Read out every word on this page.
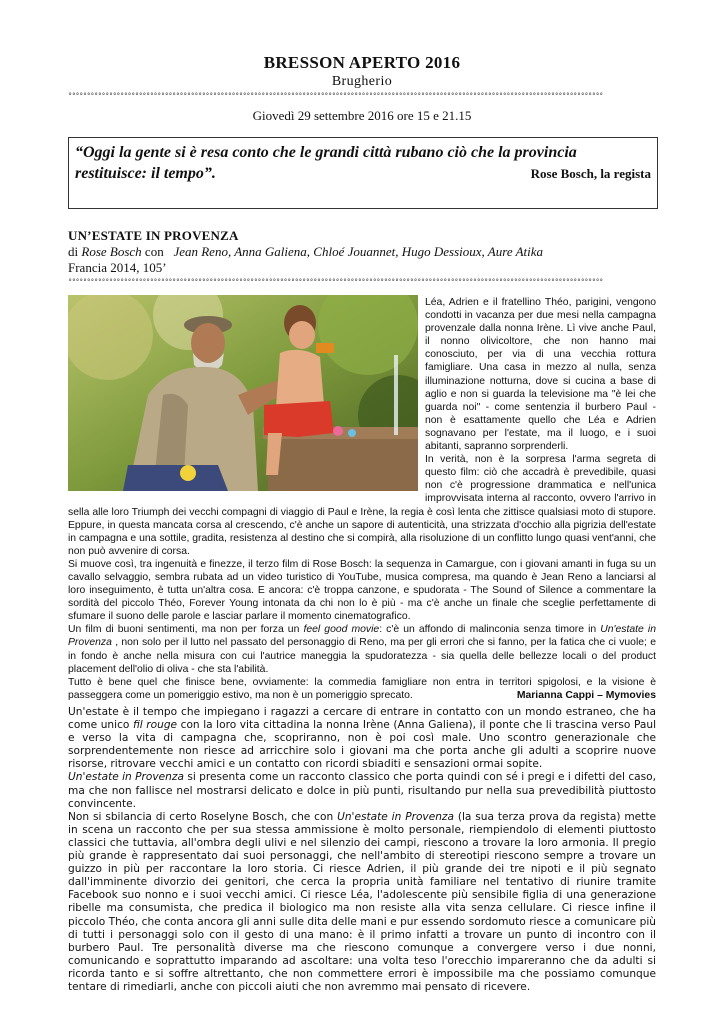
BRESSON APERTO 2016
Brugherio
°°°°°°°°°°°°°°°°°°°°°°°°°°°°°°°°°°°°°°°°°°°°°°°°°°°°°°°°°°°°°°°°°°°°°°°°°°°°°°°°°°°°°°°°°°°°°°°°°°°°°°°°°°°°°°°°°°°°°°°°°°°°°°°°°°°°°°°°°°°°°°°°
Giovedì 29 settembre 2016 ore 15 e 21.15
“Oggi la gente si è resa conto che le grandi città rubano ciò che la provincia restituisce: il tempo”.	Rose Bosch, la regista
UN’ESTATE IN PROVENZA
di Rose Bosch con   Jean Reno, Anna Galiena, Chloé Jouannet, Hugo Dessioux, Aure Atika
Francia 2014, 105’
°°°°°°°°°°°°°°°°°°°°°°°°°°°°°°°°°°°°°°°°°°°°°°°°°°°°°°°°°°°°°°°°°°°°°°°°°°°°°°°°°°°°°°°°°°°°°°°°°°°°°°°°°°°°°°°°°°°°°°°°°°°°°°°°°°°°°°°°°°°°°°°°

Léa, Adrien e il fratellino Théo, parigini, vengono condotti in vacanza per due mesi nella campagna provenzale dalla nonna Irène. Lì vive anche Paul, il nonno olivicoltore, che non hanno mai conosciuto, per via di una vecchia rottura famigliare. Una casa in mezzo al nulla, senza illuminazione notturna, dove si cucina a base di aglio e non si guarda la televisione ma "è lei che guarda noi" - come sentenzia il burbero Paul - non è esattamente quello che Léa e Adrien sognavano per l'estate, ma il luogo, e i suoi abitanti, sapranno sorprenderli.

In verità, non è la sorpresa l'arma segreta di questo film: ciò che accadrà è prevedibile, quasi non c'è progressione drammatica e nell'unica improvvisata interna al racconto, ovvero l'arrivo in sella alle loro Triumph dei vecchi compagni di viaggio di Paul e Irène, la regia è così lenta che zittisce qualsiasi moto di stupore. Eppure, in questa mancata corsa al crescendo, c'è anche un sapore di autenticità, una strizzata d'occhio alla pigrizia dell'estate in campagna e una sottile, gradita, resistenza al destino che si compirà, alla risoluzione di un conflitto lungo quasi vent'anni, che non può avvenire di corsa.

Si muove così, tra ingenuità e finezze, il terzo film di Rose Bosch: la sequenza in Camargue, con i giovani amanti in fuga su un cavallo selvaggio, sembra rubata ad un video turistico di YouTube, musica compresa, ma quando è Jean Reno a lanciarsi al loro inseguimento, è tutta un'altra cosa. E ancora: c'è troppa canzone, e spudorata - The Sound of Silence a commentare la sordità del piccolo Théo, Forever Young intonata da chi non lo è più - ma c'è anche un finale che sceglie perfettamente di sfumare il suono delle parole e lasciar parlare il momento cinematografico.

Un film di buoni sentimenti, ma non per forza un feel good movie: c'è un affondo di malinconia senza timore in Un'estate in Provenza , non solo per il lutto nel passato del personaggio di Reno, ma per gli errori che si fanno, per la fatica che ci vuole; e in fondo è anche nella misura con cui l'autrice maneggia la spudoratezza - sia quella delle bellezze locali o del product placement dell'olio di oliva - che sta l'abilità.

Tutto è bene quel che finisce bene, ovviamente: la commedia famigliare non entra in territori spigolosi, e la visione è passeggera come un pomeriggio estivo, ma non è un pomeriggio sprecato.	Marianna Cappi – Mymovies

Un'estate è il tempo che impiegano i ragazzi a cercare di entrare in contatto con un mondo estraneo, che ha come unico fil rouge con la loro vita cittadina la nonna Irène (Anna Galiena), il ponte che li trascina verso Paul e verso la vita di campagna che, scopriranno, non è poi così male. Uno scontro generazionale che sorprendentemente non riesce ad arricchire solo i giovani ma che porta anche gli adulti a scoprire nuove risorse, ritrovare vecchi amici e un contatto con ricordi sbiaditi e sensazioni ormai sopite.

Un'estate in Provenza si presenta come un racconto classico che porta quindi con sé i pregi e i difetti del caso, ma che non fallisce nel mostrarsi delicato e dolce in più punti, risultando pur nella sua prevedibilità piuttosto convincente.

Non si sbilancia di certo Roselyne Bosch, che con Un'estate in Provenza (la sua terza prova da regista) mette in scena un racconto che per sua stessa ammissione è molto personale, riempiendolo di elementi piuttosto classici che tuttavia, all'ombra degli ulivi e nel silenzio dei campi, riescono a trovare la loro armonia. Il pregio più grande è rappresentato dai suoi personaggi, che nell'ambito di stereotipi riescono sempre a trovare un guizzo in più per raccontare la loro storia. Ci riesce Adrien, il più grande dei tre nipoti e il più segnato dall'imminente divorzio dei genitori, che cerca la propria unità familiare nel tentativo di riunire tramite Facebook suo nonno e i suoi vecchi amici. Ci riesce Léa, l'adolescente più sensibile figlia di una generazione ribelle ma consumista, che predica il biologico ma non resiste alla vita senza cellulare. Ci riesce infine il piccolo Théo, che conta ancora gli anni sulle dita delle mani e pur essendo sordomuto riesce a comunicare più di tutti i personaggi solo con il gesto di una mano: è il primo infatti a trovare un punto di incontro con il burbero Paul. Tre personalità diverse ma che riescono comunque a convergere verso i due nonni, comunicando e soprattutto imparando ad ascoltare: una volta teso l'orecchio impareranno che da adulti si ricorda tanto e si soffre altrettanto, che non commettere errori è impossibile ma che possiamo comunque tentare di rimediarli, anche con piccoli aiuti che non avremmo mai pensato di ricevere.
